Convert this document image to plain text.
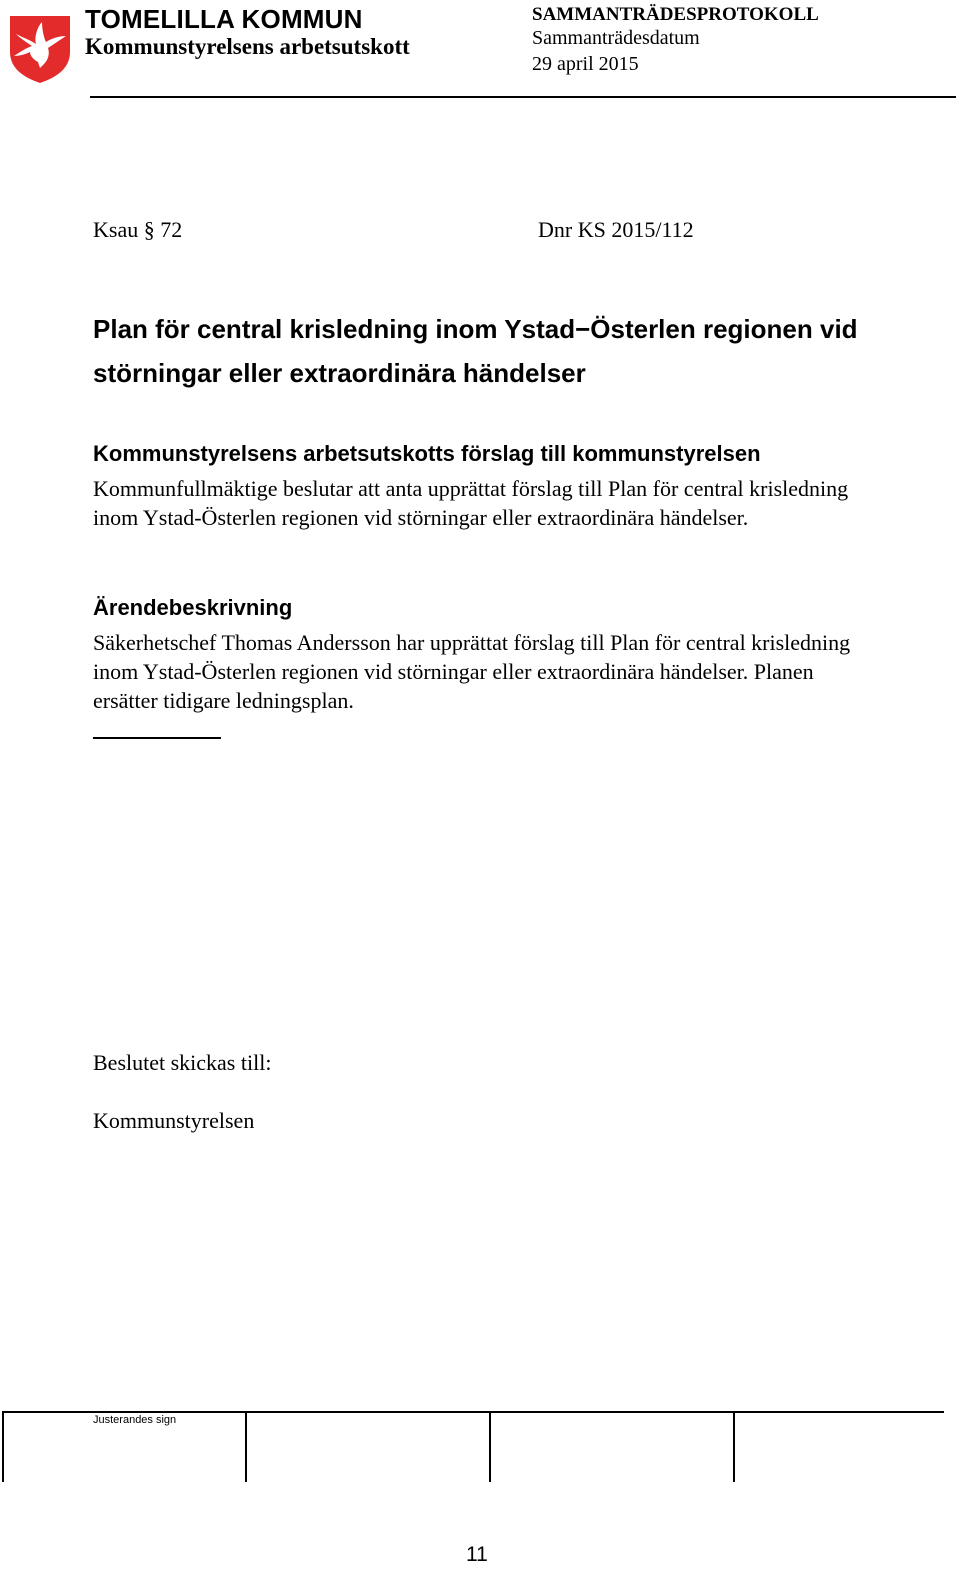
TOMELILLA KOMMUN
Kommunstyrelsens arbetsutskott
SAMMANTRÄDESPROTOKOLL
Sammanträdesdatum
29 april 2015
Ksau § 72	Dnr KS 2015/112
Plan för central krisledning inom Ystad−Österlen regionen vid störningar eller extraordinära händelser
Kommunstyrelsens arbetsutskotts förslag till kommunstyrelsen

Kommunfullmäktige beslutar att anta upprättat förslag till Plan för central krisledning inom Ystad-Österlen regionen vid störningar eller extraordinära händelser.

Ärendebeskrivning

Säkerhetschef Thomas Andersson har upprättat förslag till Plan för central krisledning inom Ystad-Österlen regionen vid störningar eller extraordinära händelser. Planen ersätter tidigare ledningsplan.

Beslutet skickas till:
Kommunstyrelsen
Justerandes sign
11
